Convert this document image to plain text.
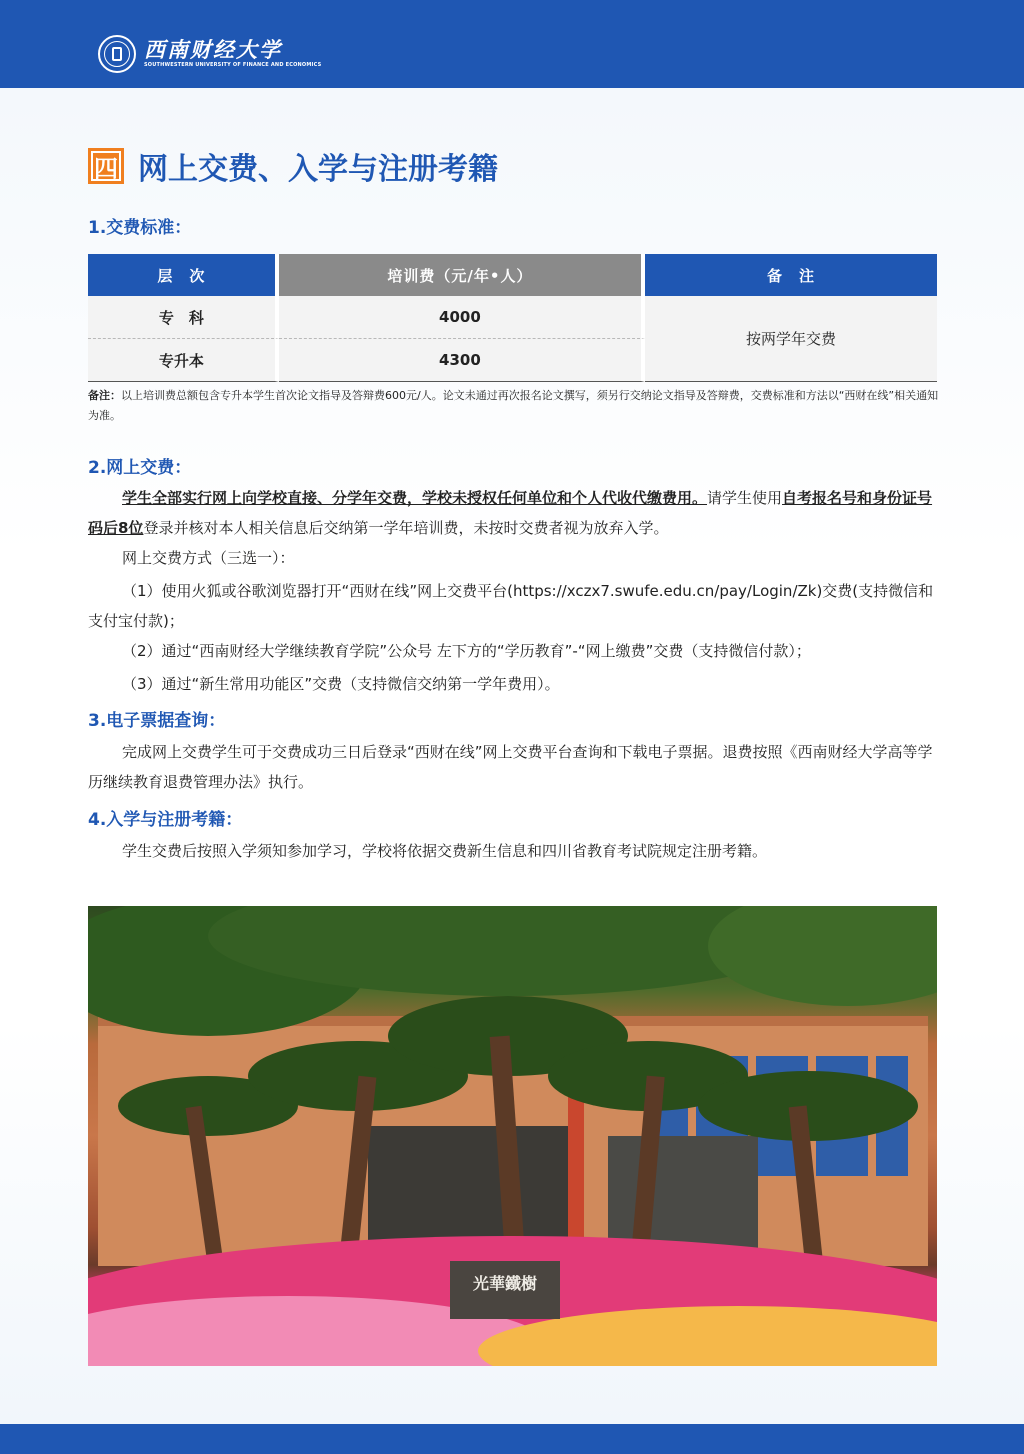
西南财经大学
SOUTHWESTERN UNIVERSITY OF FINANCE AND ECONOMICS
四 网上交费、入学与注册考籍
1.交费标准：
层　次	培训费（元/年•人）	备　注
专　科	4000	按两学年交费
专升本	4300	
备注：以上培训费总额包含专升本学生首次论文指导及答辩费600元/人。论文未通过再次报名论文撰写，须另行交纳论文指导及答辩费，交费标准和方法以“西财在线”相关通知为准。
2.网上交费：
学生全部实行网上向学校直接、分学年交费，学校未授权任何单位和个人代收代缴费用。请学生使用自考报名号和身份证号码后8位登录并核对本人相关信息后交纳第一学年培训费，未按时交费者视为放弃入学。
网上交费方式（三选一）：
（1）使用火狐或谷歌浏览器打开“西财在线”网上交费平台(https://xczx7.swufe.edu.cn/pay/Login/Zk)交费(支持微信和支付宝付款)；
（2）通过“西南财经大学继续教育学院”公众号 左下方的“学历教育”-“网上缴费”交费（支持微信付款）；
（3）通过“新生常用功能区”交费（支持微信交纳第一学年费用）。
3.电子票据查询：
完成网上交费学生可于交费成功三日后登录“西财在线”网上交费平台查询和下载电子票据。退费按照《西南财经大学高等学历继续教育退费管理办法》执行。
4.入学与注册考籍：
学生交费后按照入学须知参加学习，学校将依据交费新生信息和四川省教育考试院规定注册考籍。
光華鐵樹
